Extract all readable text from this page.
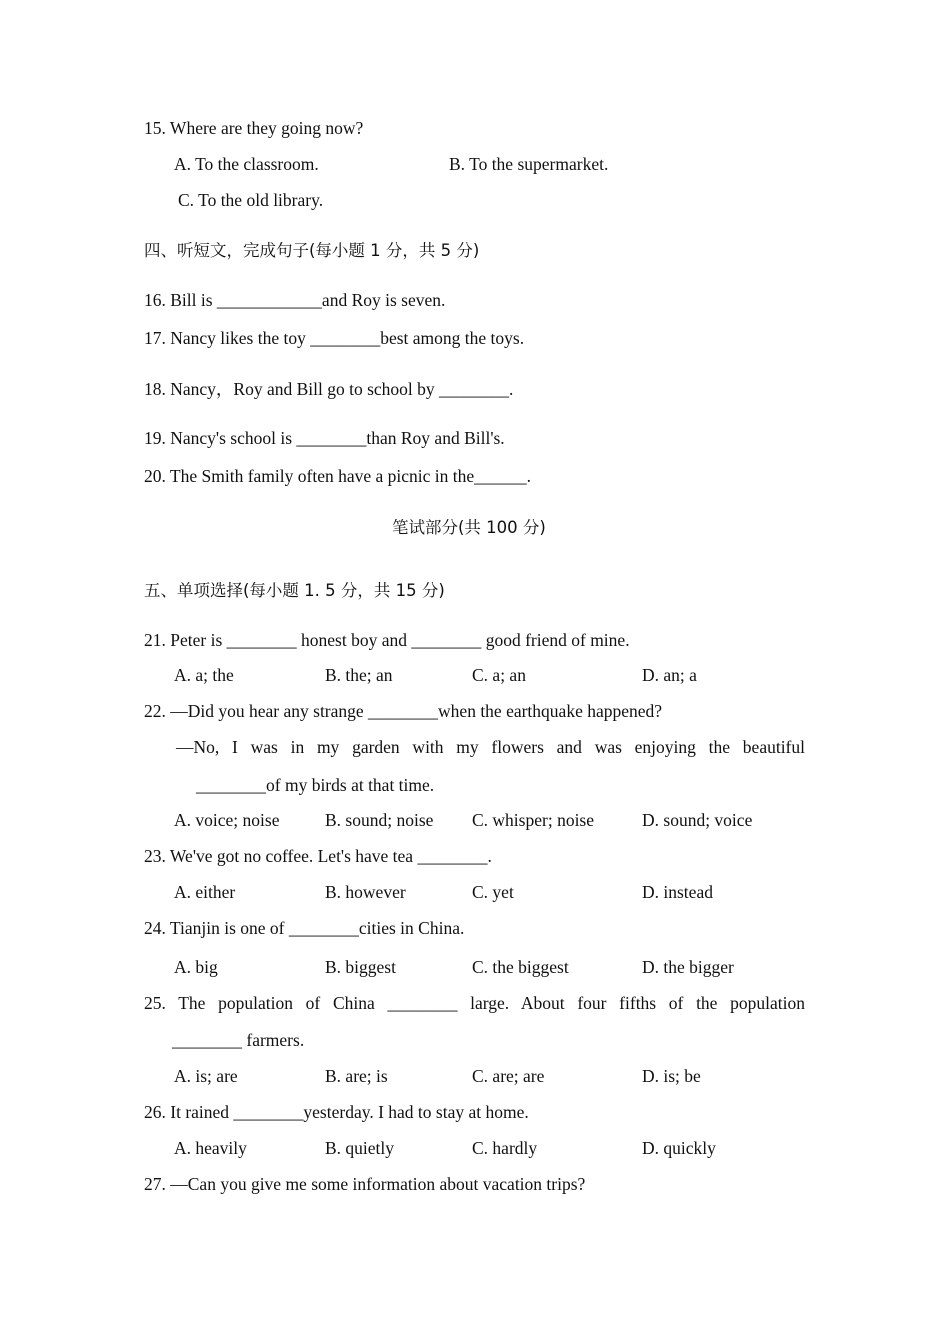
15. Where are they going now?
A. To the classroom.	B. To the supermarket.
C. To the old library.
四、听短文，完成句子(每小题 1 分，共 5 分)
16. Bill is ____________and Roy is seven.
17. Nancy likes the toy ________best among the toys.
18. Nancy，Roy and Bill go to school by ________.
19. Nancy's school is ________than Roy and Bill's.
20. The Smith family often have a picnic in the______.
笔试部分(共 100 分)
五、单项选择(每小题 1. 5 分，共 15 分)
21. Peter is ________ honest boy and ________ good friend of mine.
A. a; the	B. the; an	C. a; an	D. an; a
22. —Did you hear any strange ________when the earthquake happened?
—No, I was in my garden with my flowers and was enjoying the beautiful
________of my birds at that time.
A. voice; noise	B. sound; noise C. whisper; noise	D. sound; voice
23. We've got no coffee. Let's have tea ________.
A. either	B. however	C. yet	D. instead
24. Tianjin is one of ________cities in China.
A. big	B. biggest	C. the biggest	D. the bigger
25. The population of China ________ large. About four fifths of the population
________ farmers.
A. is; are	B. are; is	C. are; are	D. is; be
26. It rained ________yesterday. I had to stay at home.
A. heavily	B. quietly	C. hardly	D. quickly
27. —Can you give me some information about vacation trips?
